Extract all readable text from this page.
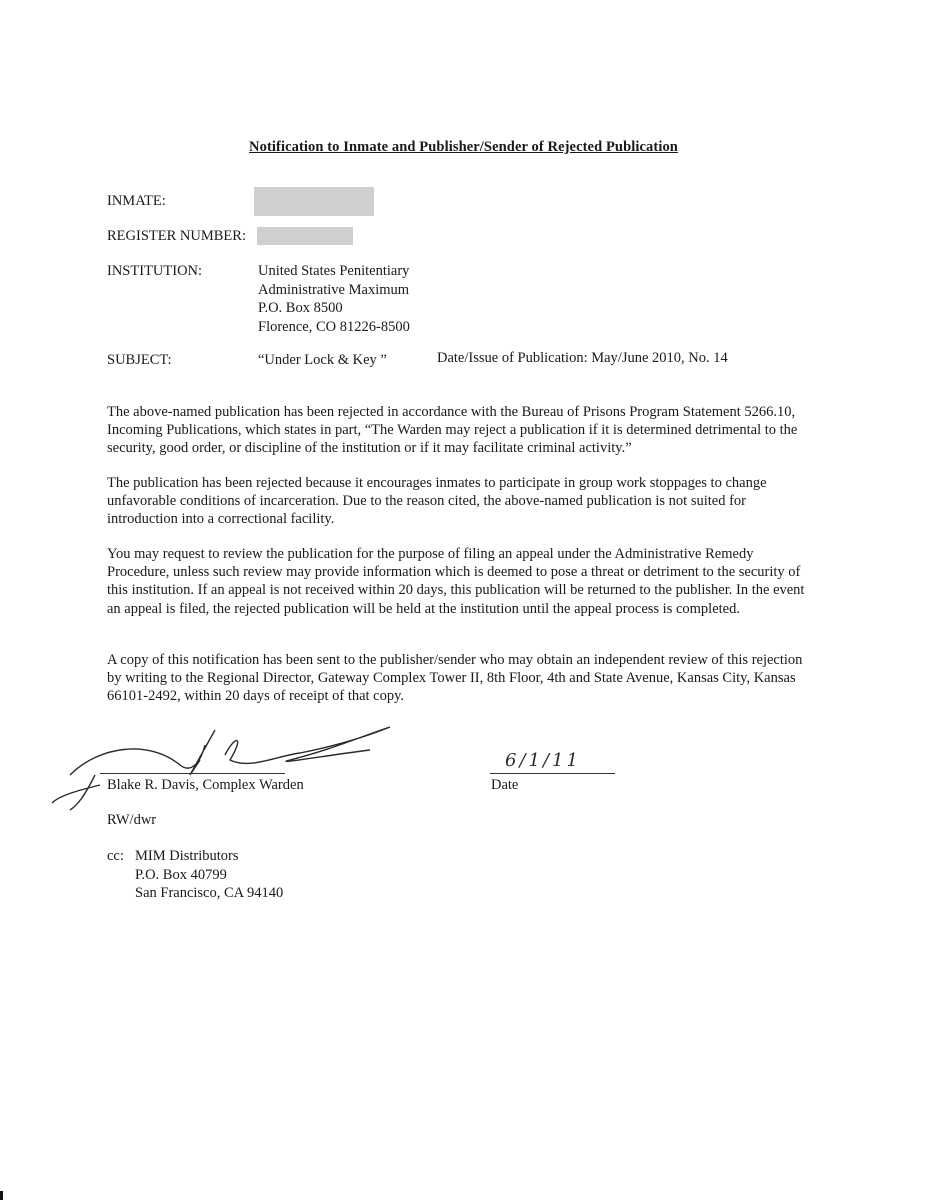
Notification to Inmate and Publisher/Sender of Rejected Publication
INMATE:
REGISTER NUMBER:
INSTITUTION:	United States Penitentiary
Administrative Maximum
P.O. Box 8500
Florence, CO 81226-8500
SUBJECT:	“Under Lock & Key ”	Date/Issue of Publication: May/June 2010, No. 14
The above-named publication has been rejected in accordance with the Bureau of Prisons Program Statement 5266.10, Incoming Publications, which states in part, “The Warden may reject a publication if it is determined detrimental to the security, good order, or discipline of the institution or if it may facilitate criminal activity.”
The publication has been rejected because it encourages inmates to participate in group work stoppages to change unfavorable conditions of incarceration. Due to the reason cited, the above-named publication is not suited for introduction into a correctional facility.
You may request to review the publication for the purpose of filing an appeal under the Administrative Remedy Procedure, unless such review may provide information which is deemed to pose a threat or detriment to the security of this institution. If an appeal is not received within 20 days, this publication will be returned to the publisher. In the event an appeal is filed, the rejected publication will be held at the institution until the appeal process is completed.
A copy of this notification has been sent to the publisher/sender who may obtain an independent review of this rejection by writing to the Regional Director, Gateway Complex Tower II, 8th Floor, 4th and State Avenue, Kansas City, Kansas 66101-2492, within 20 days of receipt of that copy.
Blake R. Davis, Complex Warden
6/1/11
Date
RW/dwr
cc: MIM Distributors
P.O. Box 40799
San Francisco, CA 94140
